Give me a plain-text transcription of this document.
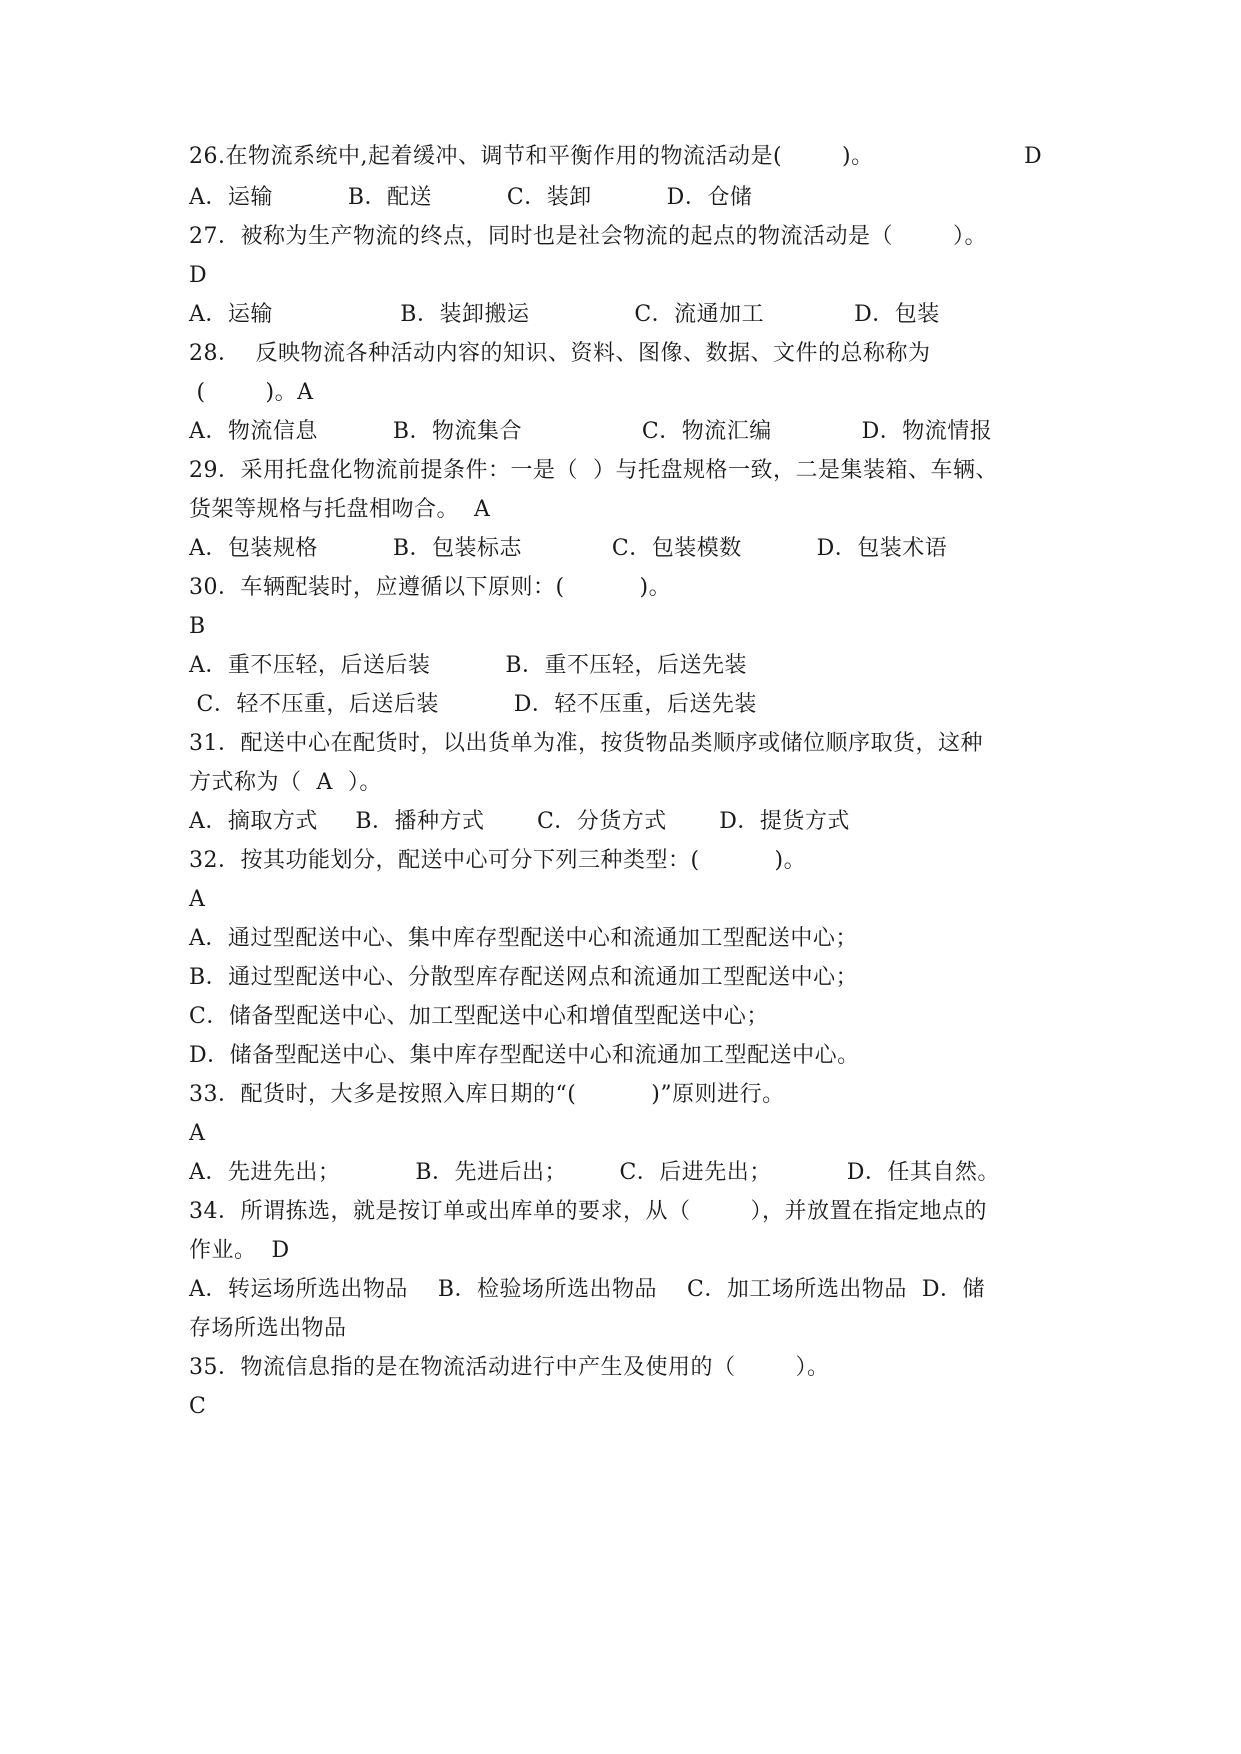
26.在物流系统中,起着缓冲、调节和平衡作用的物流活动是(        )。	D
A．运输          B．配送          C．装卸          D．仓储
27．被称为生产物流的终点，同时也是社会物流的起点的物流活动是（        ）。
D
A．运输                 B．装卸搬运              C．流通加工            D．包装
28．  反映物流各种活动内容的知识、资料、图像、数据、文件的总称称为
(        )。A
A．物流信息          B．物流集合                C．物流汇编            D．物流情报
29．采用托盘化物流前提条件：一是（  ）与托盘规格一致，二是集装箱、车辆、
货架等规格与托盘相吻合。  A
A．包装规格          B．包装标志            C．包装模数          D．包装术语
30．车辆配装时，应遵循以下原则：(          )。
B
A．重不压轻，后送后装          B．重不压轻，后送先装
C．轻不压重，后送后装          D．轻不压重，后送先装
31．配送中心在配货时，以出货单为准，按货物品类顺序或储位顺序取货，这种
方式称为（  A  ）。
A．摘取方式     B．播种方式       C．分货方式       D．提货方式
32．按其功能划分，配送中心可分下列三种类型：(          )。
A
A．通过型配送中心、集中库存型配送中心和流通加工型配送中心；
B．通过型配送中心、分散型库存配送网点和流通加工型配送中心；
C．储备型配送中心、加工型配送中心和增值型配送中心；
D．储备型配送中心、集中库存型配送中心和流通加工型配送中心。
33．配货时，大多是按照入库日期的“(          )”原则进行。
A
A．先进先出；          B．先进后出；       C．后进先出；          D．任其自然。
34．所谓拣选，就是按订单或出库单的要求，从（        ），并放置在指定地点的
作业。  D
A．转运场所选出物品    B．检验场所选出物品    C．加工场所选出物品  D．储
存场所选出物品
35．物流信息指的是在物流活动进行中产生及使用的（        ）。
C
